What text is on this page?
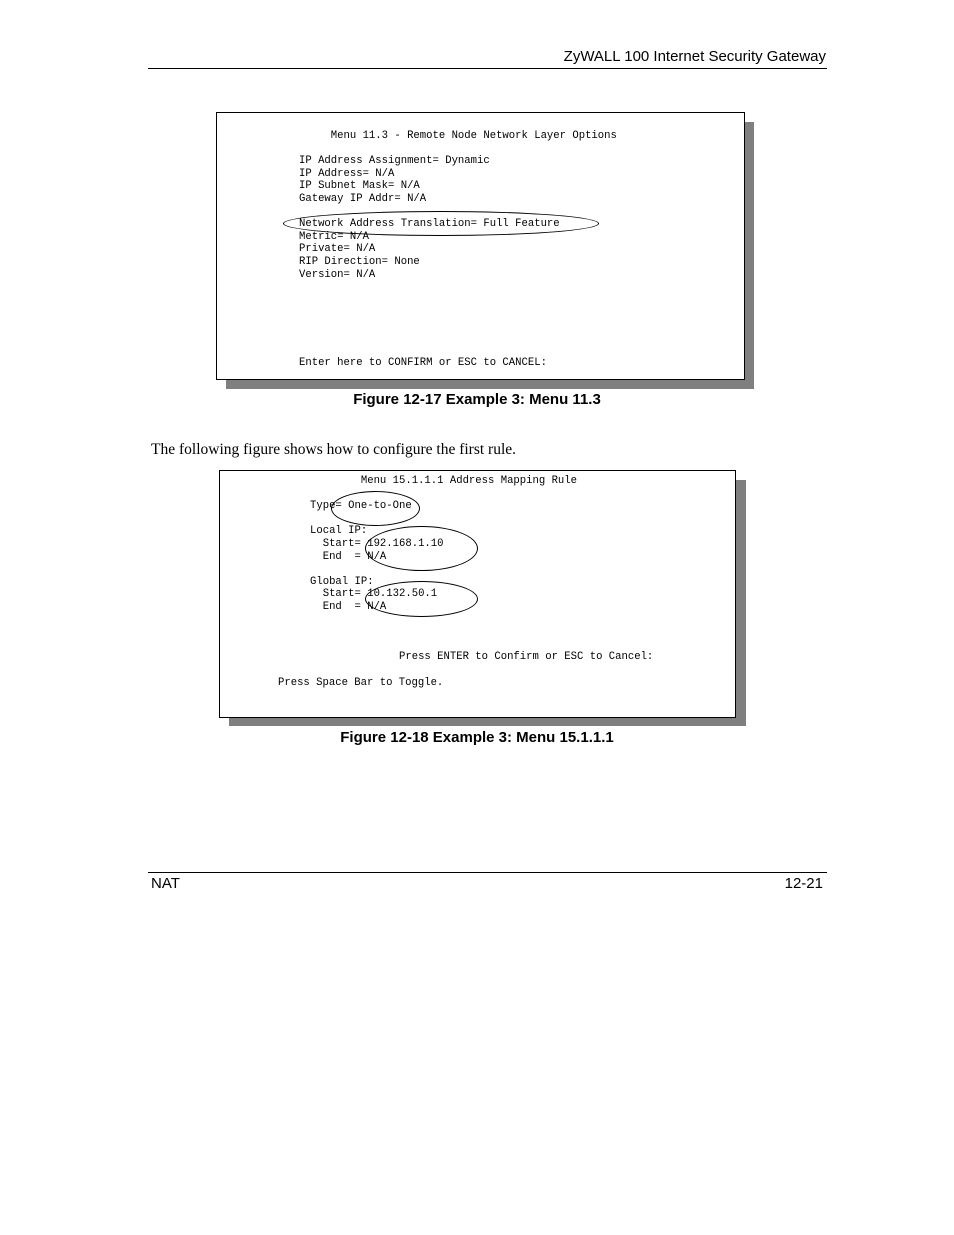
ZyWALL 100 Internet Security Gateway
Menu 11.3 - Remote Node Network Layer Options
IP Address Assignment= Dynamic
IP Address= N/A
IP Subnet Mask= N/A
Gateway IP Addr= N/A
Network Address Translation= Full Feature
Metric= N/A
Private= N/A
RIP Direction= None
Version= N/A
Enter here to CONFIRM or ESC to CANCEL:
Figure 12-17 Example 3: Menu 11.3
The following figure shows how to configure the first rule.
Menu 15.1.1.1 Address Mapping Rule
Type= One-to-One
Local IP:
Start= 192.168.1.10
End  = N/A
Global IP:
Start= 10.132.50.1
End  = N/A
Press ENTER to Confirm or ESC to Cancel:
Press Space Bar to Toggle.
Figure 12-18 Example 3: Menu 15.1.1.1
NAT	12-21
